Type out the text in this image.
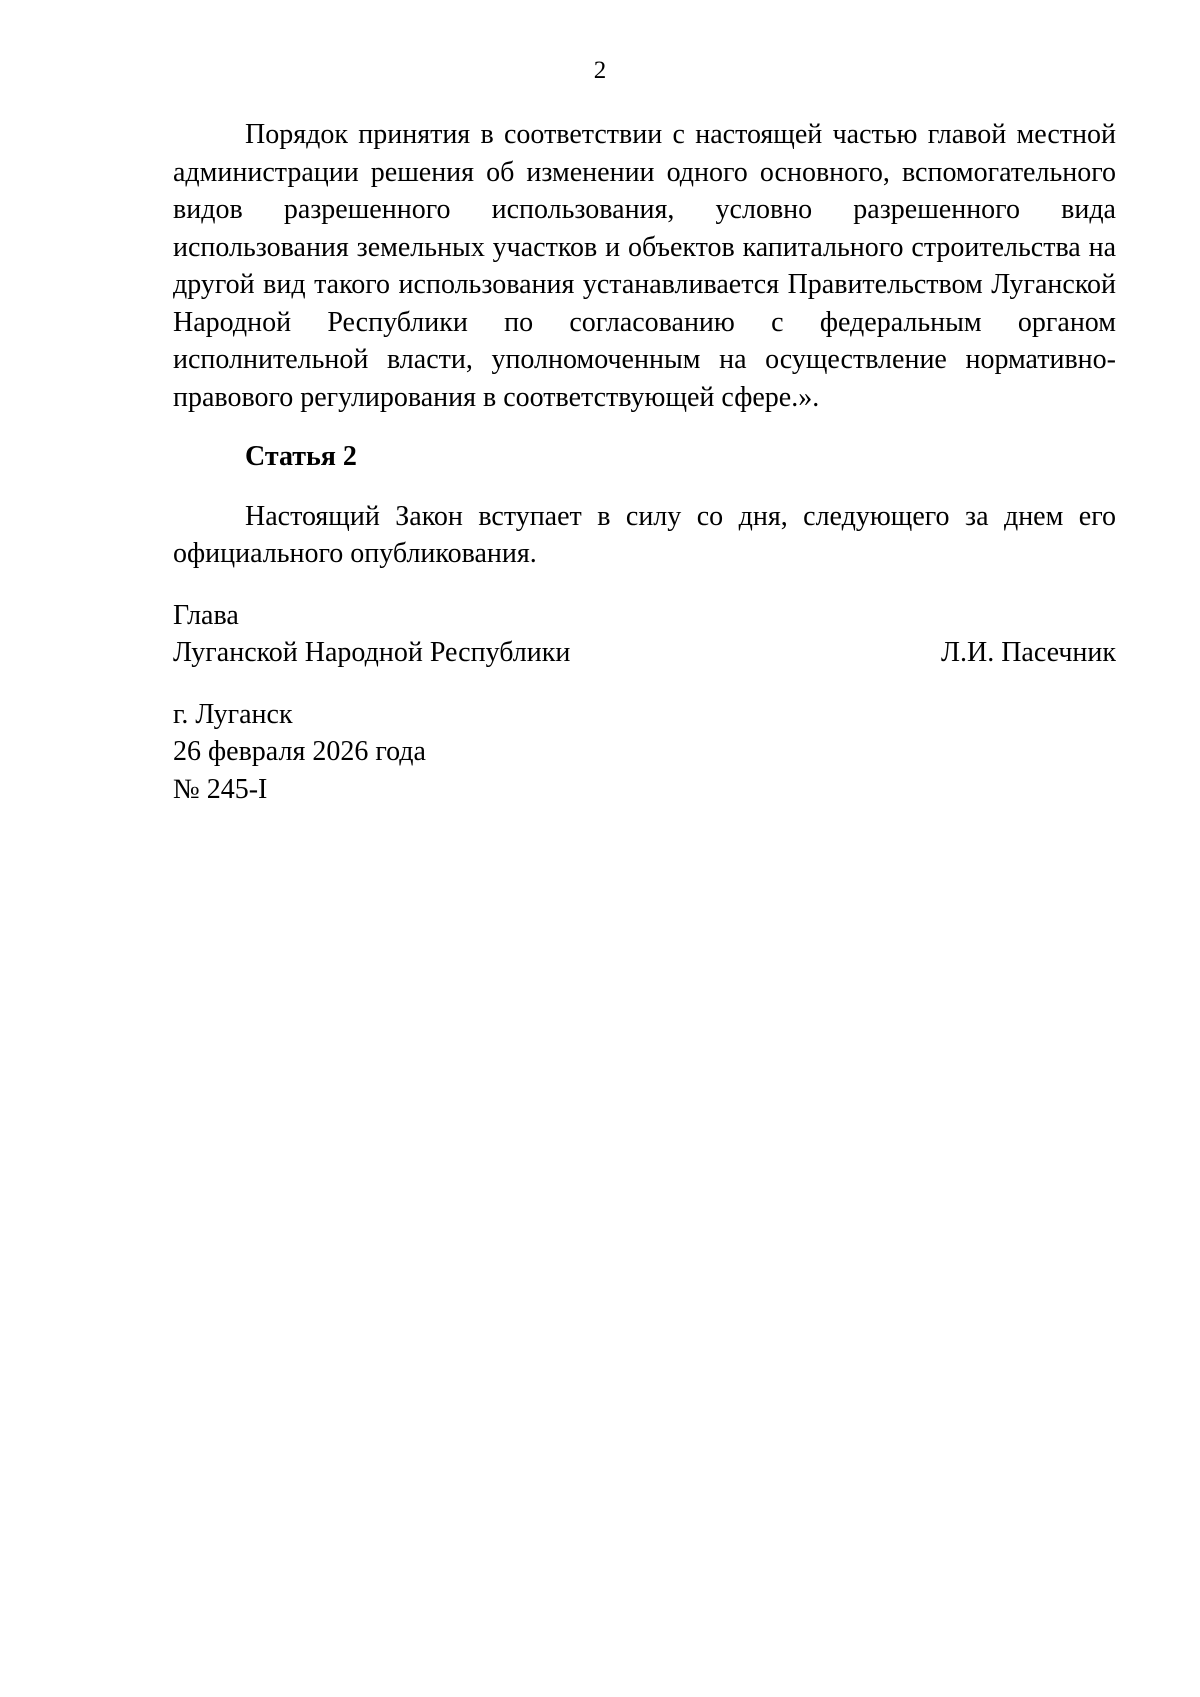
2

Порядок принятия в соответствии с настоящей частью главой местной администрации решения об изменении одного основного, вспомогательного видов разрешенного использования, условно разрешенного вида использования земельных участков и объектов капитального строительства на другой вид такого использования устанавливается Правительством Луганской Народной Республики по согласованию с федеральным органом исполнительной власти, уполномоченным на осуществление нормативно-правового регулирования в соответствующей сфере.».

Статья 2

Настоящий Закон вступает в силу со дня, следующего за днем его официального опубликования.

Глава
Луганской Народной Республики	Л.И. Пасечник
г. Луганск
26 февраля 2026 года
№ 245-I
